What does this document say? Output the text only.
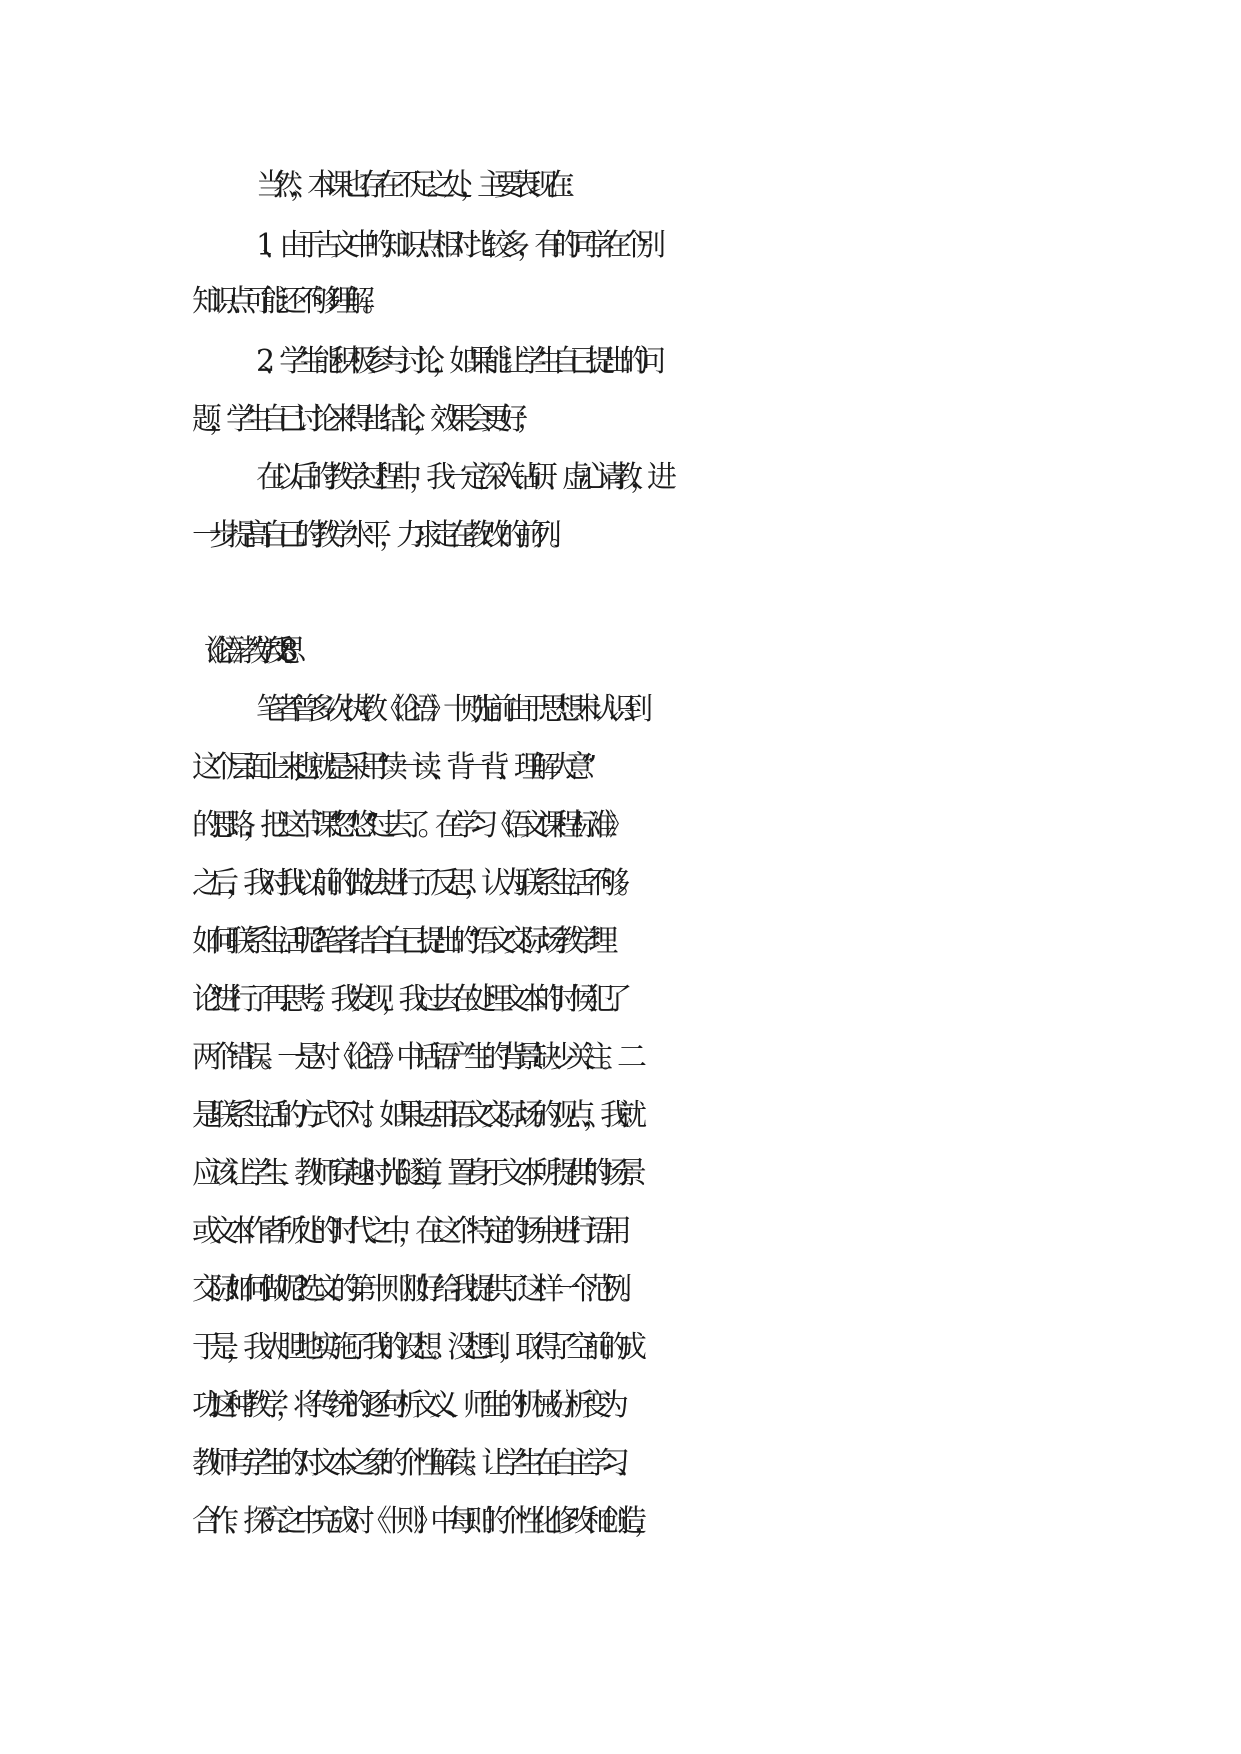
当然，本课也存在不足之处，主要表现在：
1、由于古文中的知识点相对比较多，有的同学在个别
知识点可能还不够理解。
2、学生能积极参与讨论，如果能让学生自己提出的问
题，学生自己讨论来得出结论，效果会更好；
在以后的教学过程中，我一定深入钻研、虚心请教，进
一步提高自己的教学水平，力求走在教改的前列。
《论语》教学反思 8
笔者曾多次执教《论语》十则 ,先前由于思想未认识到
这个层面上来,也就是采用“读一读、背一背、理解大意”
的思路，把这节课“忽悠”过去了。在学习《语文课程标准》
之后，我对我以前的做法进行了反思，认为联系生活不够。
如何联系生活呢?笔者结合自己提出的“语文交际场教学理
论”进行了再思考。我发现，我过去在处理文本的时候犯了
两个错误。一是对《论语》中话语产生的背景缺少关注。二
是联系生活的方式不对。如果运用语文交际场的观点，我就
应该让学生、教师穿越时光隧道，置身于文本所提供的场景
或文本作者所处的`时代之中，在这个特定的场中进行语用
交际!如何做呢?选文的第十则刚好给我提供了这样一个范例。
于是，我大胆地实施了我的设想。没想到，取得了空前的成
功!这种教学，将传统的逐句析文义、师生的机械分析变为
教师与学生的对文本之象的个性解读。让学生在自主学习、
合作、探究之中完成对《十则》中每则的个性化修改和创造，
